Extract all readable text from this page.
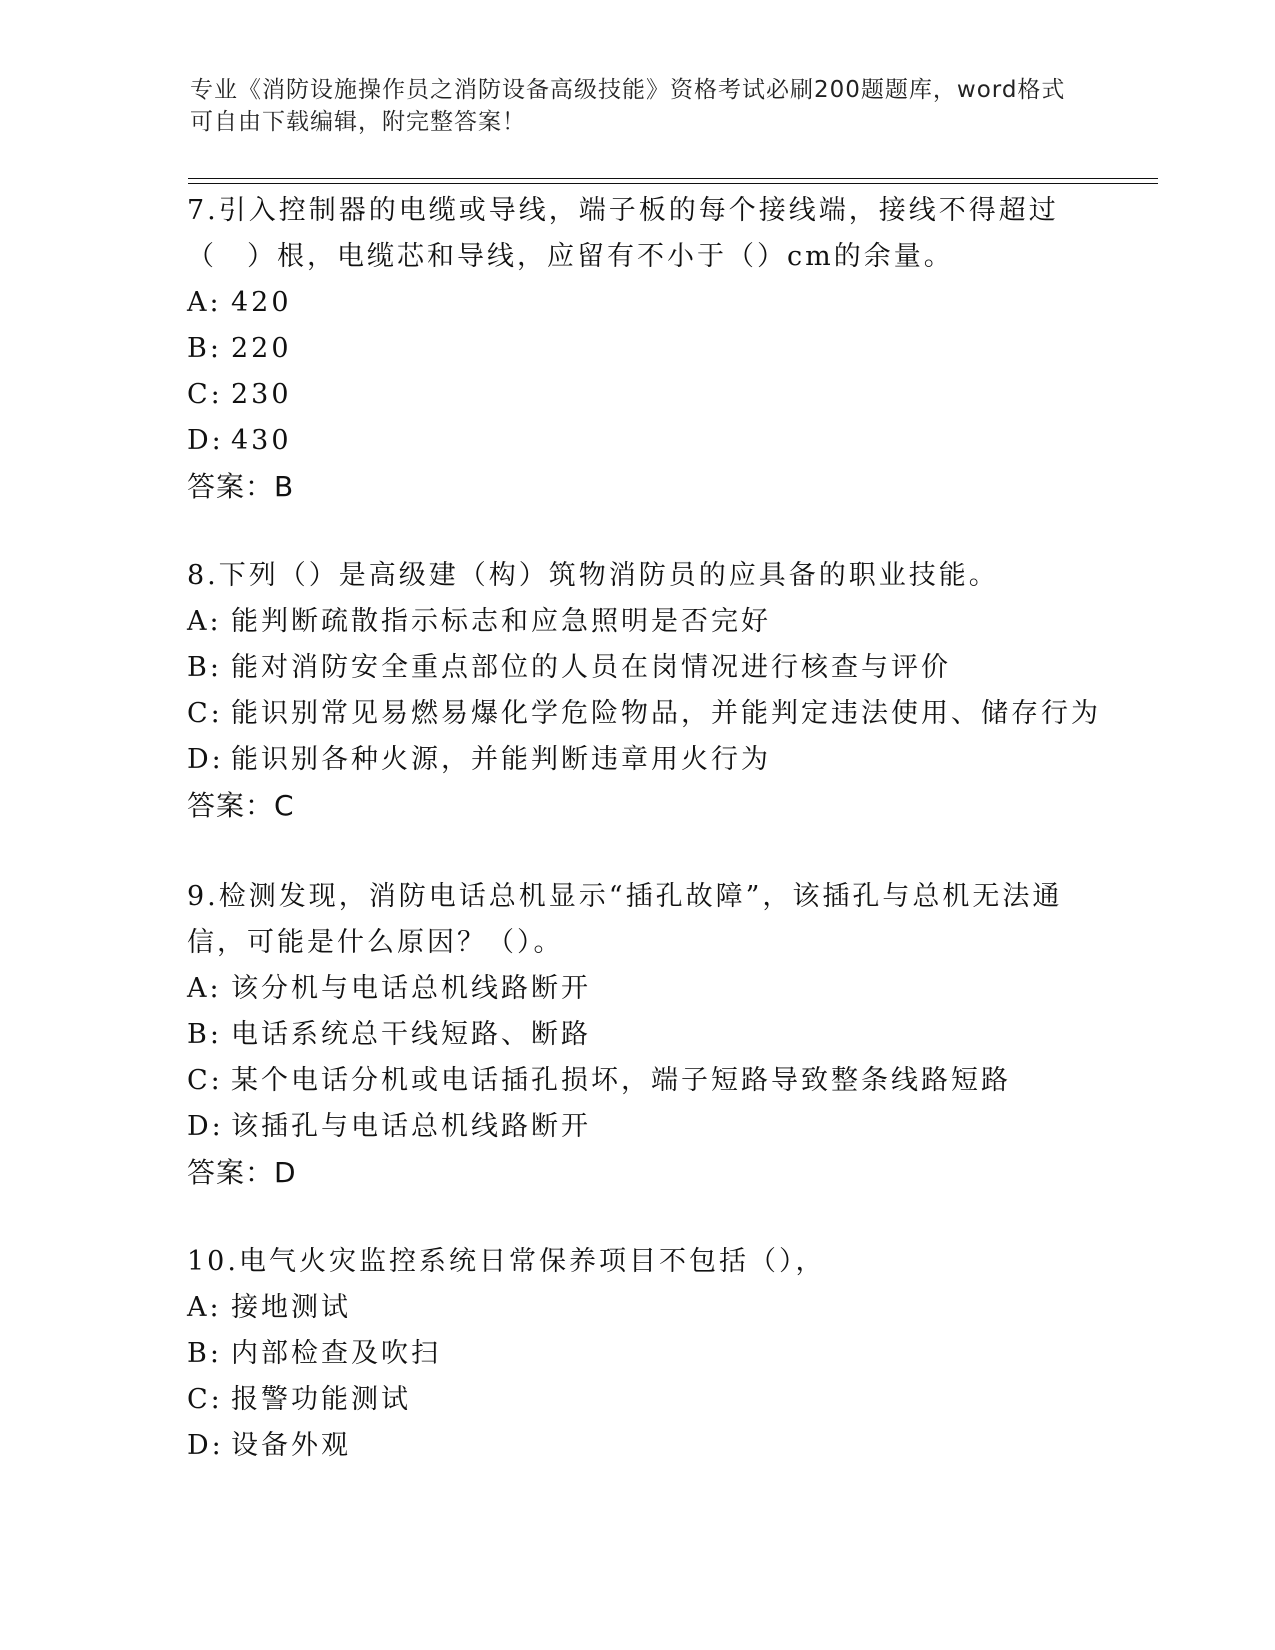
专业《消防设施操作员之消防设备高级技能》资格考试必刷200题题库，word格式可自由下载编辑，附完整答案！

7.引入控制器的电缆或导线，端子板的每个接线端，接线不得超过（　）根，电缆芯和导线，应留有不小于（）cm的余量。

A: 420
B: 220
C: 230
D: 430
答案：B

8.下列（）是高级建（构）筑物消防员的应具备的职业技能。

A: 能判断疏散指示标志和应急照明是否完好
B: 能对消防安全重点部位的人员在岗情况进行核查与评价
C: 能识别常见易燃易爆化学危险物品，并能判定违法使用、储存行为
D: 能识别各种火源，并能判断违章用火行为
答案：C

9.检测发现，消防电话总机显示“插孔故障”，该插孔与总机无法通信，可能是什么原因？（）。

A: 该分机与电话总机线路断开
B: 电话系统总干线短路、断路
C: 某个电话分机或电话插孔损坏，端子短路导致整条线路短路
D: 该插孔与电话总机线路断开
答案：D

10.电气火灾监控系统日常保养项目不包括（），

A: 接地测试
B: 内部检查及吹扫
C: 报警功能测试
D: 设备外观
